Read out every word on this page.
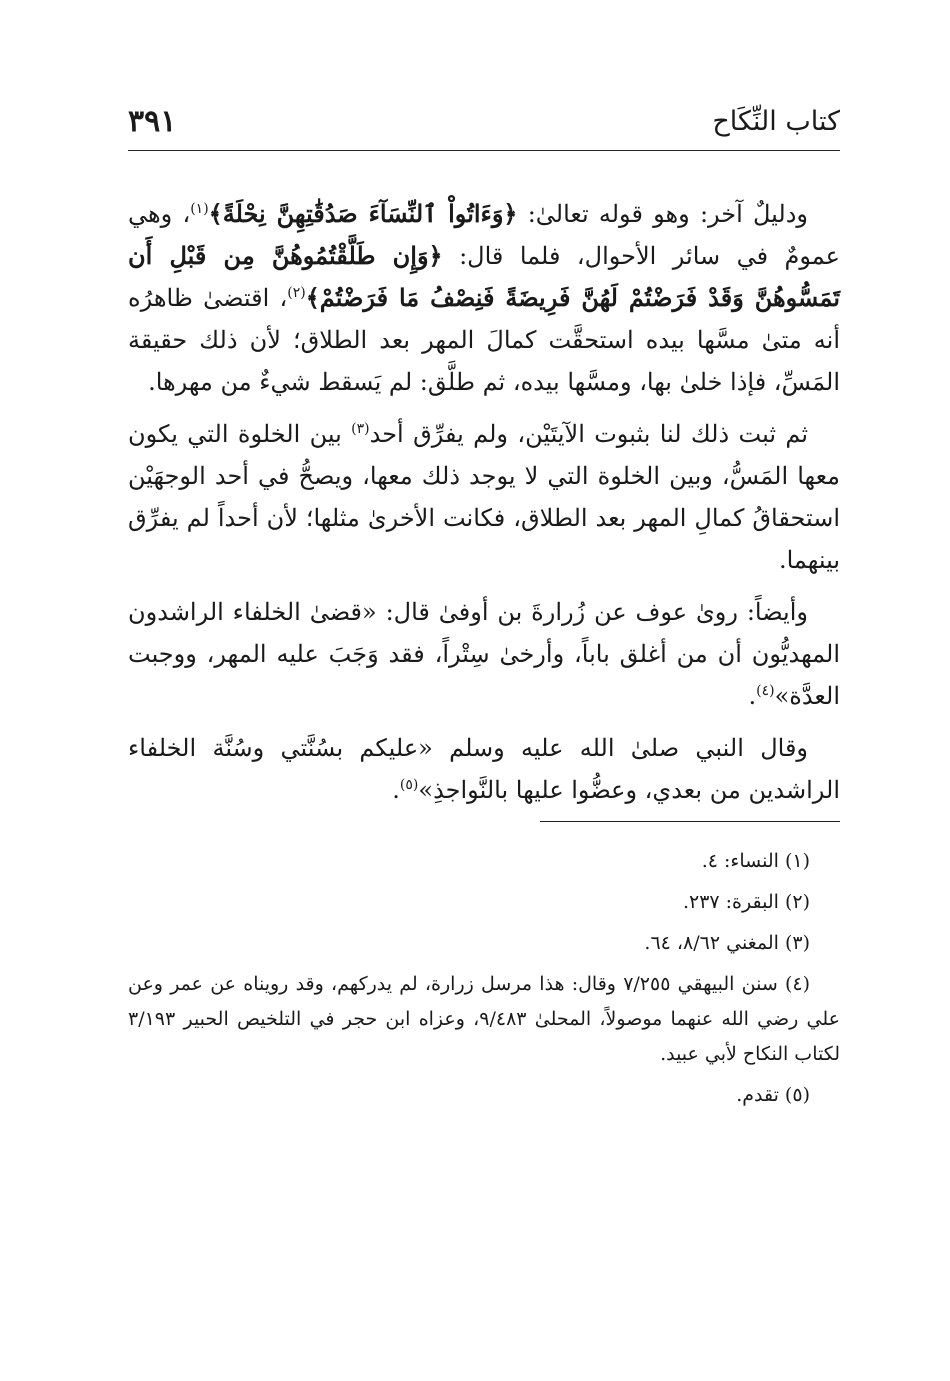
كتاب النِّكَاح
٣٩١

ودليلٌ آخر: وهو قوله تعالىٰ: ﴿وَءَاتُواْ ٱلنِّسَآءَ صَدُقَٰتِهِنَّ نِحْلَةً﴾$^{(١)}$، وهي عمومٌ في سائر الأحوال، فلما قال: ﴿وَإِن طَلَّقْتُمُوهُنَّ مِن قَبْلِ أَن تَمَسُّوهُنَّ وَقَدْ فَرَضْتُمْ لَهُنَّ فَرِيضَةً فَنِصْفُ مَا فَرَضْتُمْ﴾$^{(٢)}$، اقتضىٰ ظاهرُه أنه متىٰ مسَّها بيده استحقَّت كمالَ المهر بعد الطلاق؛ لأن ذلك حقيقة المَسِّ، فإذا خلىٰ بها، ومسَّها بيده، ثم طلَّق: لم يَسقط شيءٌ من مهرها.

ثم ثبت ذلك لنا بثبوت الآيتَيْن، ولم يفرِّق أحد$^{(٣)}$ بين الخلوة التي يكون معها المَسُّ، وبين الخلوة التي لا يوجد ذلك معها، ويصحُّ في أحد الوجهَيْن استحقاقُ كمالِ المهر بعد الطلاق، فكانت الأخرىٰ مثلها؛ لأن أحداً لم يفرِّق بينهما.

وأيضاً: روىٰ عوف عن زُرارةَ بن أوفىٰ قال: «قضىٰ الخلفاء الراشدون المهديُّون أن من أغلق باباً، وأرخىٰ سِتْراً، فقد وَجَبَ عليه المهر، ووجبت العدَّة»$^{(٤)}$.

وقال النبي صلىٰ الله عليه وسلم «عليكم بسُنَّتي وسُنَّة الخلفاء الراشدين من بعدي، وعضُّوا عليها بالنَّواجذِ»$^{(٥)}$.

(١) النساء: ٤.

(٢) البقرة: ٢٣٧.

(٣) المغني ٨/٦٢، ٦٤.

(٤) سنن البيهقي ٧/٢٥٥ وقال: هذا مرسل زرارة، لم يدركهم، وقد رويناه عن عمر وعن علي رضي الله عنهما موصولاً، المحلىٰ ٩/٤٨٣، وعزاه ابن حجر في التلخيص الحبير ٣/١٩٣ لكتاب النكاح لأبي عبيد.

(٥) تقدم.
